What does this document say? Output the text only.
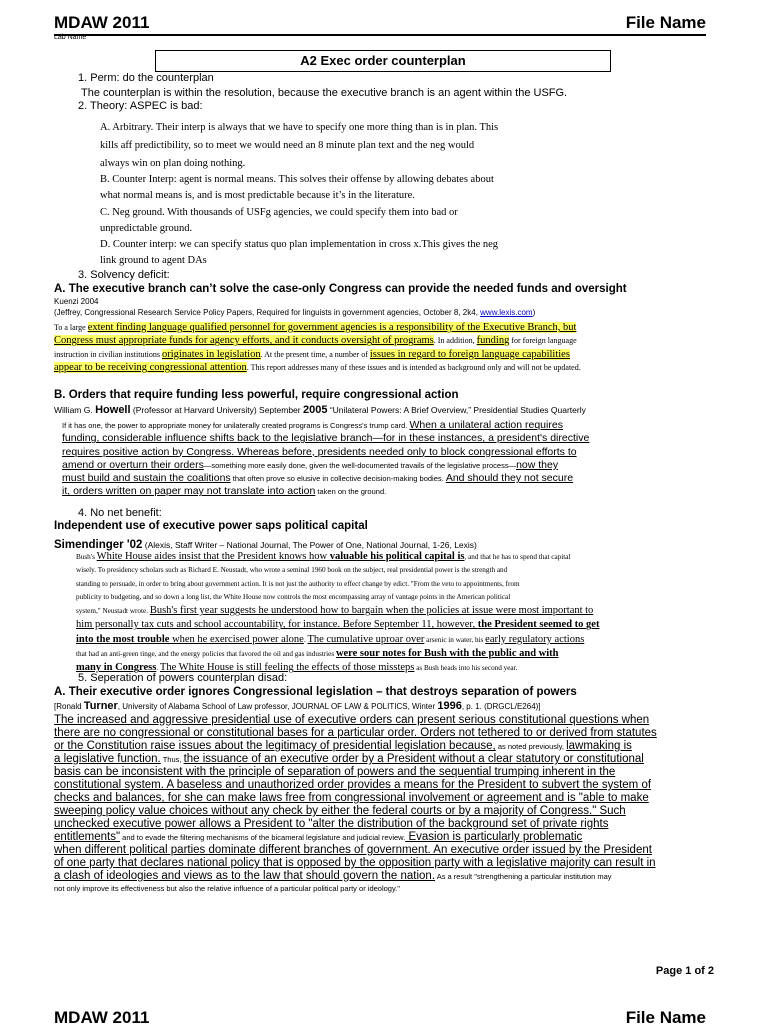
MDAW 2011	File Name
Lab Name
A2 Exec order counterplan
1. Perm: do the counterplan
The counterplan is within the resolution, because the executive branch is an agent within the USFG.
2. Theory: ASPEC is bad:
A. Arbitrary. Their interp is always that we have to specify one more thing than is in plan. This
kills aff predictibility, so to meet we would need an 8 minute plan text and the neg would
always win on plan doing nothing.
B. Counter Interp: agent is normal means. This solves their offense by allowing debates about
what normal means is, and is most predictable because it’s in the literature.
C. Neg ground. With thousands of USFg agencies, we could specify them into bad or
unpredictable ground.
D. Counter interp: we can specify status quo plan implementation in cross x.This gives the neg
link ground to agent DAs
3. Solvency deficit:
A. The executive branch can’t solve the case-only Congress can provide the needed funds and oversight
Kuenzi 2004
(Jeffrey, Congressional Research Service Policy Papers, Required for linguists in government agencies, October 8, 2k4, www.lexis.com)
To a large extent finding language qualified personnel for government agencies is a responsibility of the Executive Branch, but
Congress must appropriate funds for agency efforts, and it conducts oversight of programs. In addition, funding for foreign language
instruction in civilian institutions originates in legislation. At the present time, a number of issues in regard to foreign language capabilities
appear to be receiving congressional attention. This report addresses many of these issues and is intended as background only and will not be updated.
B. Orders that require funding less powerful, require congressional action
William G. Howell (Professor at Harvard University) September 2005 “Unilateral Powers: A Brief Overview,” Presidential Studies Quarterly
If it has one, the power to appropriate money for unilaterally created programs is Congress's trump card. When a unilateral action requires
funding, considerable influence shifts back to the legislative branch—for in these instances, a president's directive
requires positive action by Congress. Whereas before, presidents needed only to block congressional efforts to
amend or overturn their orders—something more easily done, given the well-documented travails of the legislative process—now they
must build and sustain the coalitions that often prove so elusive in collective decision-making bodies. And should they not secure
it, orders written on paper may not translate into action taken on the ground.
4. No net benefit:
Independent use of executive power saps political capital
Simendinger '02 (Alexis, Staff Writer – National Journal, The Power of One, National Journal, 1-26, Lexis)
Bush's White House aides insist that the President knows how valuable his political capital is, and that he has to spend that capital
wisely. To presidency scholars such as Richard E. Neustadt, who wrote a seminal 1960 book on the subject, real presidential power is the strength and
standing to persuade, in order to bring about government action. It is not just the authority to effect change by edict. "From the veto to appointments, from
publicity to budgeting, and so down a long list, the White House now controls the most encompassing array of vantage points in the American political
system," Neustadt wrote. Bush's first year suggests he understood how to bargain when the policies at issue were most important to
him personally tax cuts and school accountability, for instance. Before September 11, however, the President seemed to get
into the most trouble when he exercised power alone. The cumulative uproar over arsenic in water, his early regulatory actions
that had an anti-green tinge, and the energy policies that favored the oil and gas industries were sour notes for Bush with the public and with
many in Congress. The White House is still feeling the effects of those missteps as Bush heads into his second year.
5. Seperation of powers counterplan disad:
A. Their executive order ignores Congressional legislation – that destroys separation of powers
[Ronald Turner, University of Alabama School of Law professor, JOURNAL OF LAW & POLITICS, Winter 1996, p. 1. (DRGCL/E264)]
The increased and aggressive presidential use of executive orders can present serious constitutional questions when
there are no congressional or constitutional bases for a particular order. Orders not tethered to or derived from statutes
or the Constitution raise issues about the legitimacy of presidential legislation because, as noted previously, lawmaking is
a legislative function. Thus, the issuance of an executive order by a President without a clear statutory or constitutional
basis can be inconsistent with the principle of separation of powers and the sequential trumping inherent in the
constitutional system. A baseless and unauthorized order provides a means for the President to subvert the system of
checks and balances, for she can make laws free from congressional involvement or agreement and is "able to make
sweeping policy value choices without any check by either the federal courts or by a majority of Congress." Such
unchecked executive power allows a President to "alter the distribution of the background set of private rights
entitlements" and to evade the filtering mechanisms of the bicameral legislature and judicial review. Evasion is particularly problematic
when different political parties dominate different branches of government. An executive order issued by the President
of one party that declares national policy that is opposed by the opposition party with a legislative majority can result in
a clash of ideologies and views as to the law that should govern the nation. As a result "strengthening a particular institution may
not only improve its effectiveness but also the relative influence of a particular political party or ideology."
Page 1 of 2
MDAW 2011	File Name
